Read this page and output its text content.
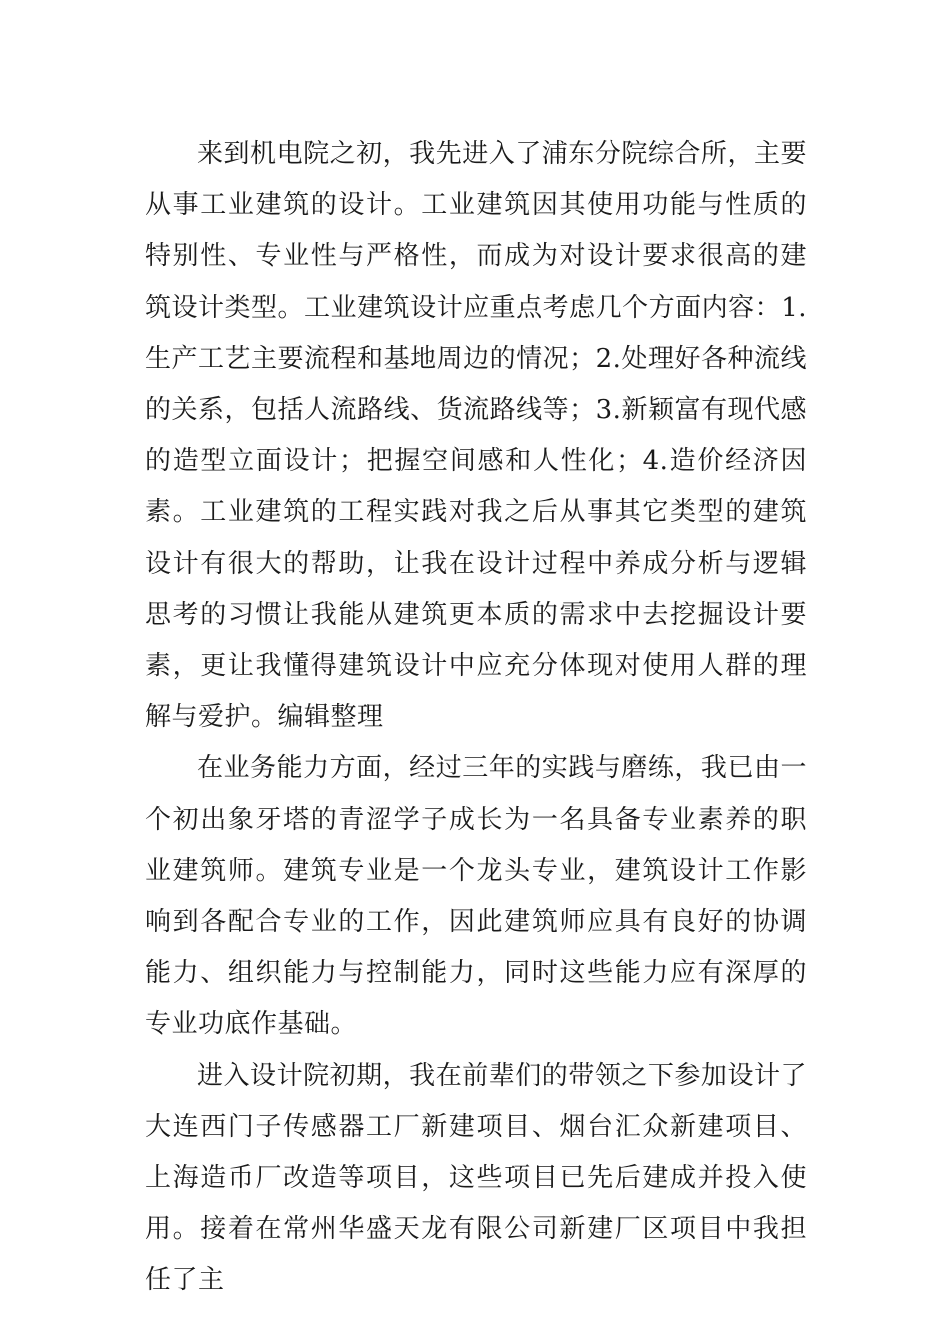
来到机电院之初，我先进入了浦东分院综合所，主要从事工业建筑的设计。工业建筑因其使用功能与性质的特别性、专业性与严格性，而成为对设计要求很高的建筑设计类型。工业建筑设计应重点考虑几个方面内容：1.生产工艺主要流程和基地周边的情况；2.处理好各种流线的关系，包括人流路线、货流路线等；3.新颖富有现代感的造型立面设计；把握空间感和人性化；4.造价经济因素。工业建筑的工程实践对我之后从事其它类型的建筑设计有很大的帮助，让我在设计过程中养成分析与逻辑思考的习惯让我能从建筑更本质的需求中去挖掘设计要素，更让我懂得建筑设计中应充分体现对使用人群的理解与爱护。编辑整理

在业务能力方面，经过三年的实践与磨练，我已由一个初出象牙塔的青涩学子成长为一名具备专业素养的职业建筑师。建筑专业是一个龙头专业，建筑设计工作影响到各配合专业的工作，因此建筑师应具有良好的协调能力、组织能力与控制能力，同时这些能力应有深厚的专业功底作基础。

进入设计院初期，我在前辈们的带领之下参加设计了大连西门子传感器工厂新建项目、烟台汇众新建项目、上海造币厂改造等项目，这些项目已先后建成并投入使用。接着在常州华盛天龙有限公司新建厂区项目中我担任了主
